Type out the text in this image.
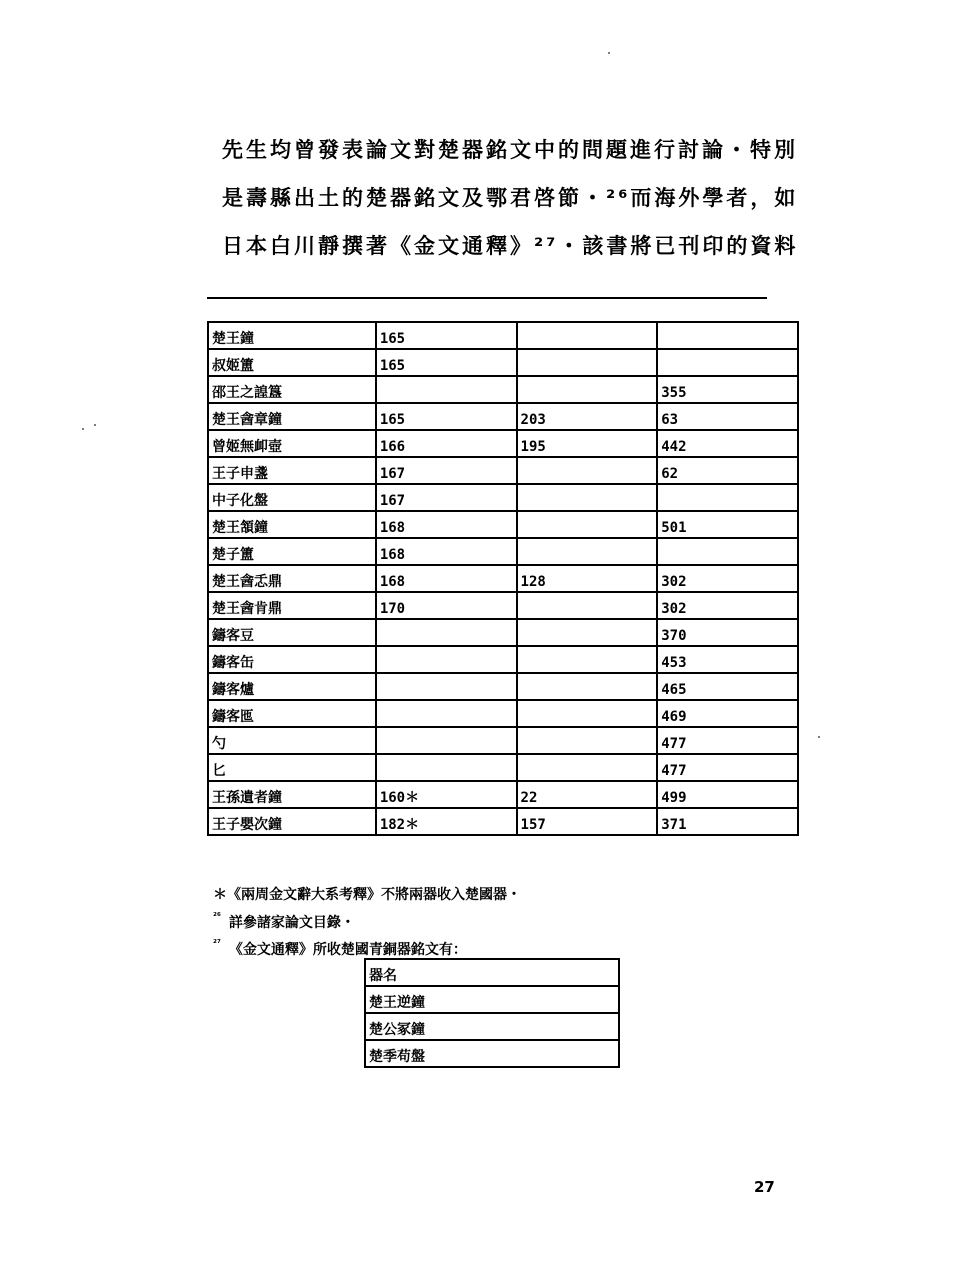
先生均曾發表論文對楚器銘文中的問題進行討論・特別
是壽縣出土的楚器銘文及鄂君啓節・²⁶而海外學者，如
日本白川靜撰著《金文通釋》²⁷・該書將已刊印的資料
楚王鐘	165		
叔姬簠	165		
邵王之諻簋			355
楚王酓章鐘	165	203	63
曾姬無卹壺	166	195	442
王子申盞	167		62
中子化盤	167		
楚王頷鐘	168		501
楚子簠	168		
楚王酓忎鼎	168	128	302
楚王酓肯鼎	170		302
鑄客豆			370
鑄客缶			453
鑄客爐			465
鑄客匜			469
勺			477
匕			477
王孫遺者鐘	160＊	22	499
王子嬰次鐘	182＊	157	371
＊《兩周金文辭大系考釋》不將兩器收入楚國器・
$^{^{26}}$ 詳參諸家論文目錄・
$^{^{27}}$ 《金文通釋》所收楚國青銅器銘文有：
器名
楚王逆鐘
楚公冢鐘
楚季苟盤
27
